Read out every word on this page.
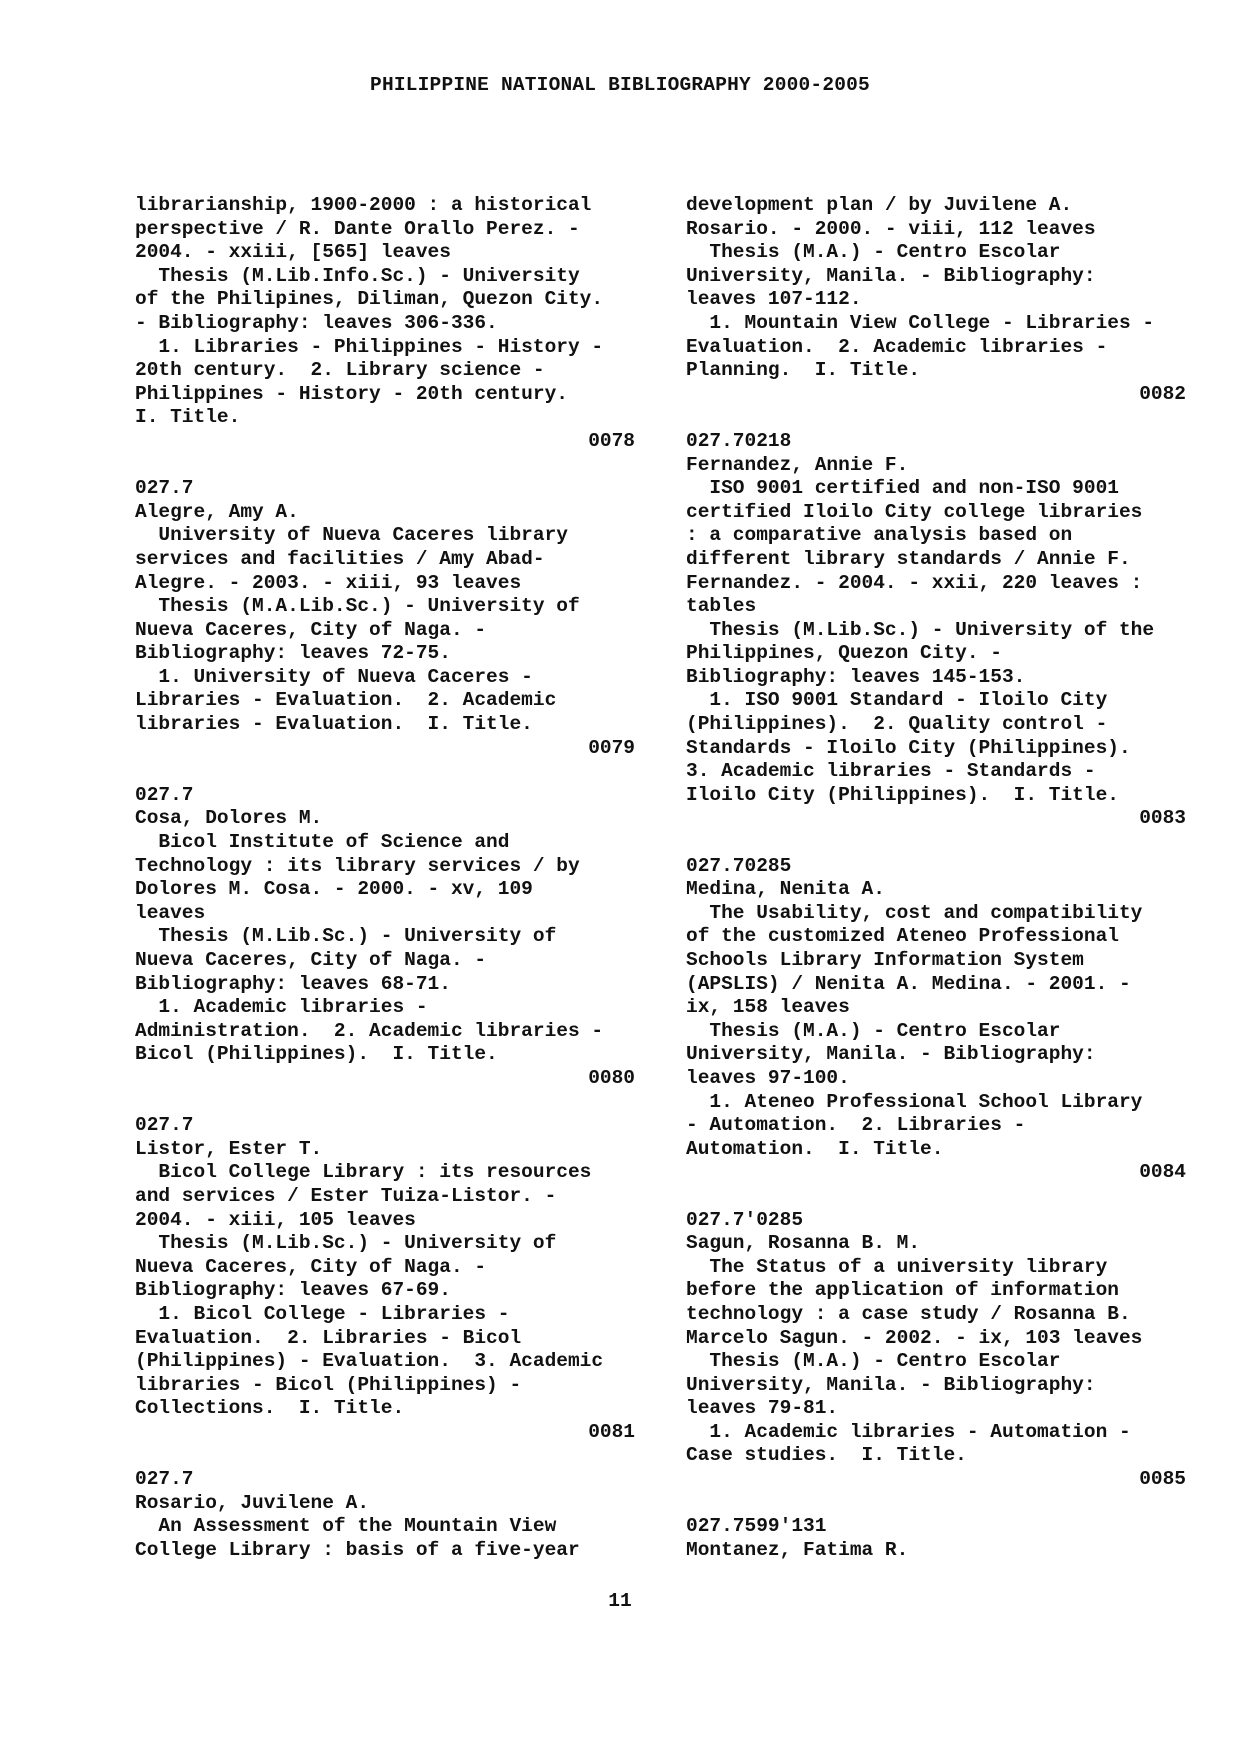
PHILIPPINE NATIONAL BIBLIOGRAPHY 2000-2005
librarianship, 1900-2000 : a historical
perspective / R. Dante Orallo Perez. -
2004. - xxiii, [565] leaves
Thesis (M.Lib.Info.Sc.) - University
of the Philipines, Diliman, Quezon City.
- Bibliography: leaves 306-336.
1. Libraries - Philippines - History -
20th century.  2. Library science -
Philippines - History - 20th century.
I. Title.
0078
027.7
Alegre, Amy A.
University of Nueva Caceres library
services and facilities / Amy Abad-
Alegre. - 2003. - xiii, 93 leaves
Thesis (M.A.Lib.Sc.) - University of
Nueva Caceres, City of Naga. -
Bibliography: leaves 72-75.
1. University of Nueva Caceres -
Libraries - Evaluation.  2. Academic
libraries - Evaluation.  I. Title.
0079
027.7
Cosa, Dolores M.
Bicol Institute of Science and
Technology : its library services / by
Dolores M. Cosa. - 2000. - xv, 109
leaves
Thesis (M.Lib.Sc.) - University of
Nueva Caceres, City of Naga. -
Bibliography: leaves 68-71.
1. Academic libraries -
Administration.  2. Academic libraries -
Bicol (Philippines).  I. Title.
0080
027.7
Listor, Ester T.
Bicol College Library : its resources
and services / Ester Tuiza-Listor. -
2004. - xiii, 105 leaves
Thesis (M.Lib.Sc.) - University of
Nueva Caceres, City of Naga. -
Bibliography: leaves 67-69.
1. Bicol College - Libraries -
Evaluation.  2. Libraries - Bicol
(Philippines) - Evaluation.  3. Academic
libraries - Bicol (Philippines) -
Collections.  I. Title.
0081
027.7
Rosario, Juvilene A.
An Assessment of the Mountain View
College Library : basis of a five-year
development plan / by Juvilene A.
Rosario. - 2000. - viii, 112 leaves
Thesis (M.A.) - Centro Escolar
University, Manila. - Bibliography:
leaves 107-112.
1. Mountain View College - Libraries -
Evaluation.  2. Academic libraries -
Planning.  I. Title.
0082
027.70218
Fernandez, Annie F.
ISO 9001 certified and non-ISO 9001
certified Iloilo City college libraries
: a comparative analysis based on
different library standards / Annie F.
Fernandez. - 2004. - xxii, 220 leaves :
tables
Thesis (M.Lib.Sc.) - University of the
Philippines, Quezon City. -
Bibliography: leaves 145-153.
1. ISO 9001 Standard - Iloilo City
(Philippines).  2. Quality control -
Standards - Iloilo City (Philippines).
3. Academic libraries - Standards -
Iloilo City (Philippines).  I. Title.
0083
027.70285
Medina, Nenita A.
The Usability, cost and compatibility
of the customized Ateneo Professional
Schools Library Information System
(APSLIS) / Nenita A. Medina. - 2001. -
ix, 158 leaves
Thesis (M.A.) - Centro Escolar
University, Manila. - Bibliography:
leaves 97-100.
1. Ateneo Professional School Library
- Automation.  2. Libraries -
Automation.  I. Title.
0084
027.7'0285
Sagun, Rosanna B. M.
The Status of a university library
before the application of information
technology : a case study / Rosanna B.
Marcelo Sagun. - 2002. - ix, 103 leaves
Thesis (M.A.) - Centro Escolar
University, Manila. - Bibliography:
leaves 79-81.
1. Academic libraries - Automation -
Case studies.  I. Title.
0085
027.7599'131
Montanez, Fatima R.
11
